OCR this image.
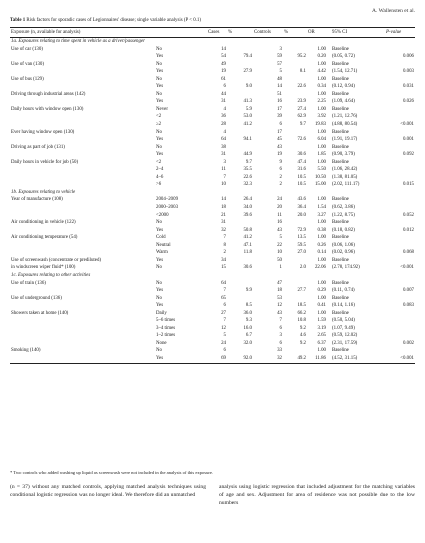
A. Wallensten et al.
Table 1 Risk factors for sporadic cases of Legionnaires' disease; single variable analysis (P < 0.1)
Exposure (n, available for analysis)		Cases	%	Controls	%	OR	95% CI	P-value
1a. Exposures relating to time spent in vehicle as a driver/passenger								
Use of car (130)	No	14		3		1.00	Baseline	
	Yes	54	79.4	59	95.2	0.20	(0.05, 0.72)	0.006
Use of van (130)	No	49		57		1.00	Baseline	
	Yes	19	27.9	5	8.1	4.42	(1.54, 12.71)	0.003
Use of bus (129)	No	61		48		1.00	Baseline	
	Yes	6	9.0	14	22.6	0.34	(0.12, 0.94)	0.031
Driving through industrial areas (142)	No	44		51		1.00	Baseline	
	Yes	31	41.3	16	23.9	2.25	(1.09, 4.64)	0.026
Daily hours with window open (130)	Never	4	5.9	17	27.4	1.00	Baseline	
	<2	36	53.0	39	62.9	3.92	(1.21, 12.76)	
	≥2	28	41.2	6	9.7	19.83	(4.88, 80.54)	<0.001
Ever having window open (130)	No	4		17		1.00	Baseline	
	Yes	64	94.1	45	72.6	6.04	(1.91, 19.17)	0.001
Driving as part of job (131)	No	38		43		1.00	Baseline	
	Yes	31	44.9	19	30.6	1.85	(0.90, 3.79)	0.092
Daily hours in vehicle for job (50)	<2	3	9.7	9	47.4	1.00	Baseline	
	2–4	11	35.5	6	31.6	5.50	(1.06, 28.42)	
	4–6	7	22.6	2	10.5	10.50	(1.38, 81.05)	
	>6	10	32.3	2	10.5	15.00	(2.02, 111.17)	0.015
1b. Exposures relating to vehicle								
Year of manufacture (108)	2004–2009	14	26.4	24	43.6	1.00	Baseline	
	2000–2003	18	34.0	20	36.4	1.54	(0.62, 3.86)	
	<2000	21	39.6	11	20.0	3.27	(1.22, 8.75)	0.052
Air conditioning in vehicle (122)	No	31		16		1.00	Baseline	
	Yes	32	50.8	43	72.9	0.38	(0.18, 0.82)	0.012
Air conditioning temperature (54)	Cold	7	41.2	5	13.5	1.00	Baseline	
	Neutral	8	47.1	22	59.5	0.26	(0.06, 1.06)	
	Warm	2	11.8	10	27.0	0.14	(0.02, 0.96)	0.068
Use of screenwash (concentrate or prediluted)	Yes	34		50		1.00	Baseline	
in windscreen wiper fluid* (100)	No	15	30.6	1	2.0	22.06	(2.78, 174.92)	<0.001
1c. Exposures relating to other activities								
Use of train (136)	No	64		47		1.00	Baseline	
	Yes	7	9.9	18	27.7	0.29	(0.11, 0.74)	0.007
Use of underground (136)	No	65		53		1.00	Baseline	
	Yes	6	8.5	12	18.5	0.41	(0.14, 1.16)	0.083
Showers taken at home (140)	Daily	27	36.0	43	66.2	1.00	Baseline	
	5–6 times	7	9.3	7	10.8	1.59	(0.50, 5.04)	
	3–4 times	12	16.0	6	9.2	3.19	(1.07, 9.49)	
	1–2 times	5	6.7	3	4.6	2.65	(0.59, 12.02)	
	None	24	32.0	6	9.2	6.37	(2.31, 17.59)	0.002
Smoking (140)	No	6		33		1.00	Baseline	
	Yes	69	92.0	32	49.2	11.86	(4.52, 31.15)	<0.001
* Two controls who added washing up liquid as screenwash were not included in the analysis of this exposure.

(n = 37) without any matched controls, applying matched analysis techniques using conditional logistic regression was no longer ideal. We therefore did an unmatched

analysis using logistic regression that included adjustment for the matching variables of age and sex. Adjustment for area of residence was not possible due to the low numbers
